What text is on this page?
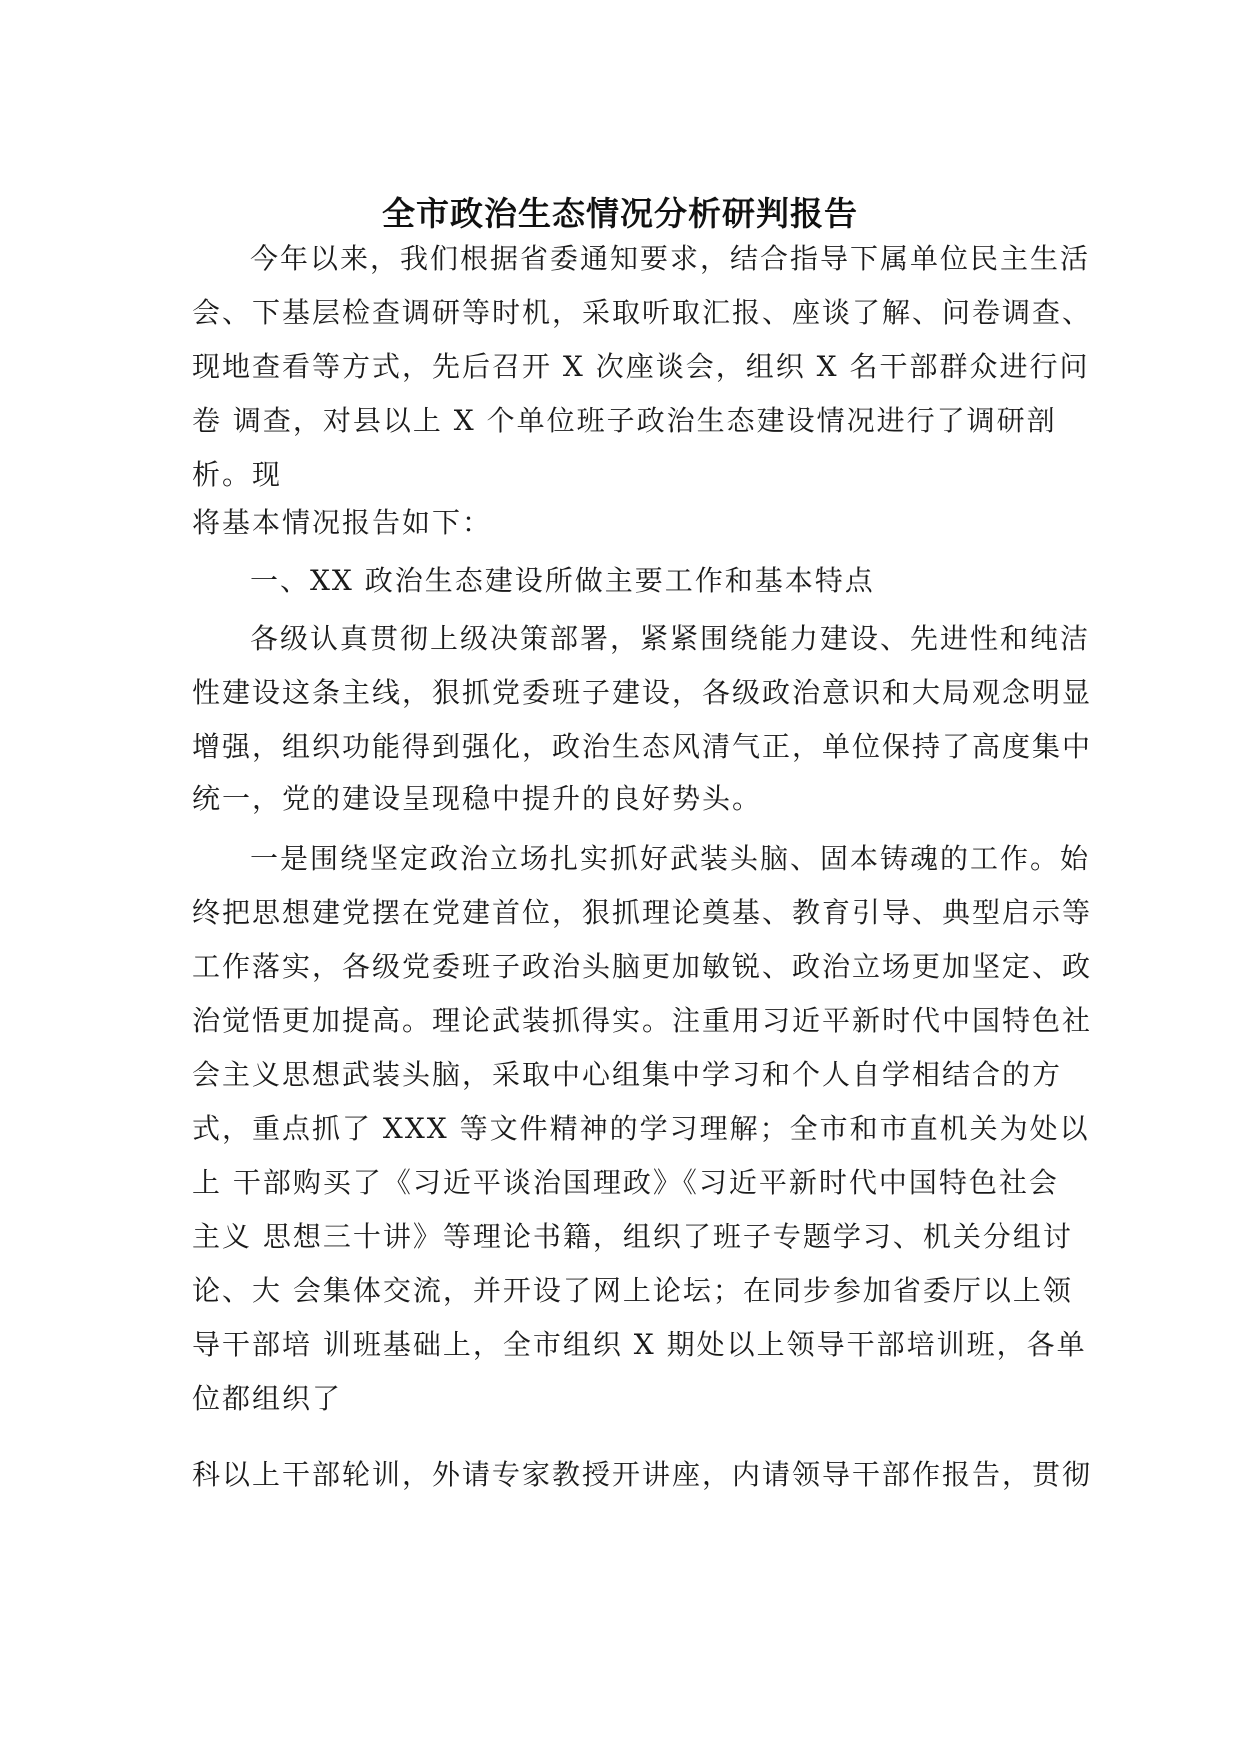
全市政治生态情况分析研判报告
今年以来，我们根据省委通知要求，结合指导下属单位民主生活
会、下基层检查调研等时机，采取听取汇报、座谈了解、问卷调查、
现地查看等方式，先后召开 X 次座谈会，组织 X 名干部群众进行问
卷 调查，对县以上 X 个单位班子政治生态建设情况进行了调研剖
析。现
将基本情况报告如下：
一、XX 政治生态建设所做主要工作和基本特点
各级认真贯彻上级决策部署，紧紧围绕能力建设、先进性和纯洁
性建设这条主线，狠抓党委班子建设，各级政治意识和大局观念明显
增强，组织功能得到强化，政治生态风清气正，单位保持了高度集中
统一，党的建设呈现稳中提升的良好势头。
一是围绕坚定政治立场扎实抓好武装头脑、固本铸魂的工作。始
终把思想建党摆在党建首位，狠抓理论奠基、教育引导、典型启示等
工作落实，各级党委班子政治头脑更加敏锐、政治立场更加坚定、政
治觉悟更加提高。理论武装抓得实。注重用习近平新时代中国特色社
会主义思想武装头脑，采取中心组集中学习和个人自学相结合的方
式，重点抓了 XXX 等文件精神的学习理解；全市和市直机关为处以
上 干部购买了《习近平谈治国理政》《习近平新时代中国特色社会
主义 思想三十讲》等理论书籍，组织了班子专题学习、机关分组讨
论、大 会集体交流，并开设了网上论坛；在同步参加省委厅以上领
导干部培 训班基础上，全市组织 X 期处以上领导干部培训班，各单
位都组织了
科以上干部轮训，外请专家教授开讲座，内请领导干部作报告，贯彻
